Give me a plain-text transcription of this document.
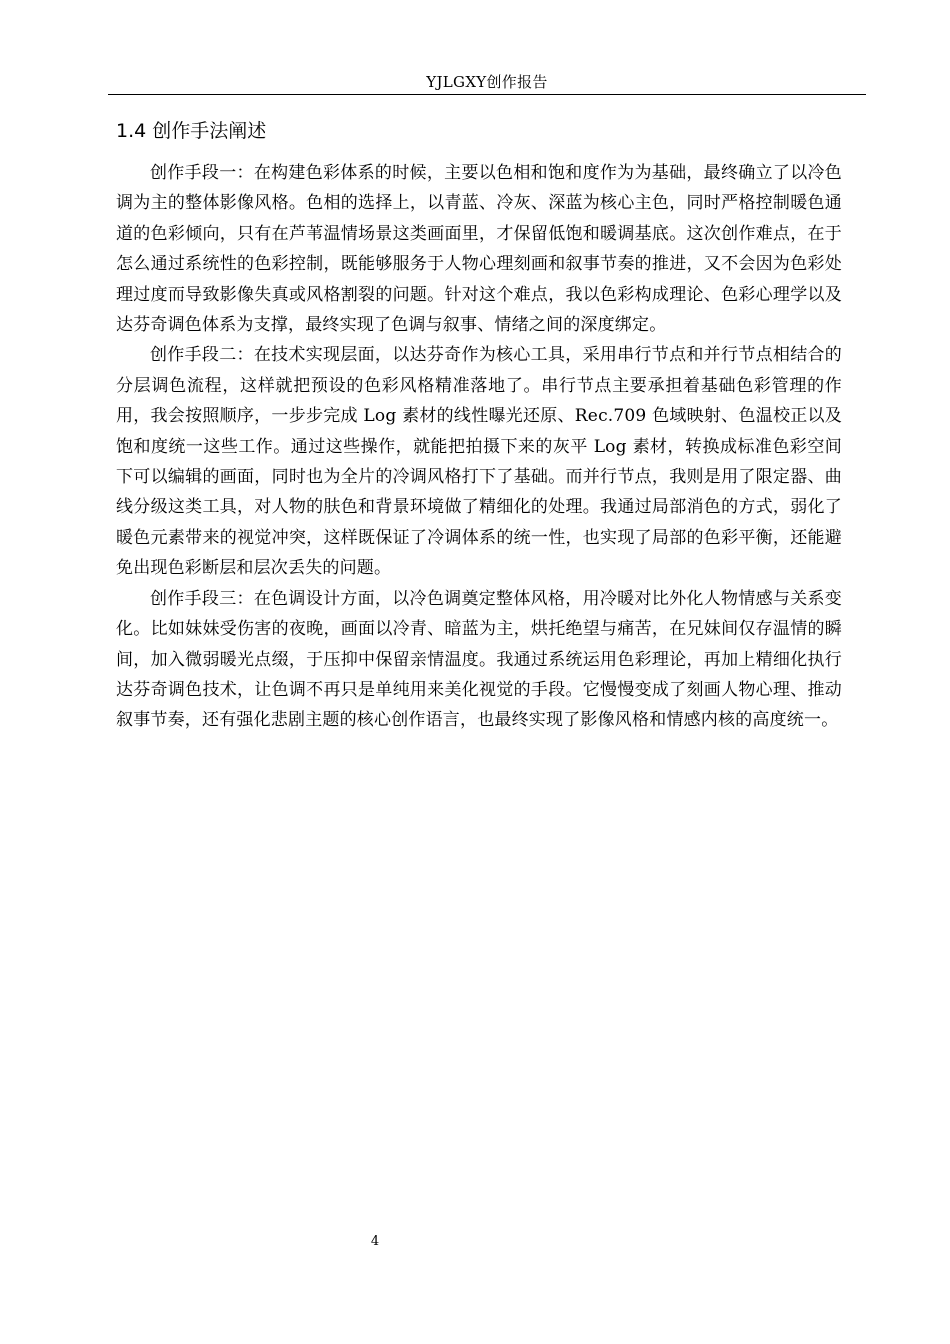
YJLGXY创作报告
1.4 创作手法阐述

创作手段一：在构建色彩体系的时候，主要以色相和饱和度作为为基础，最终确立了以冷色调为主的整体影像风格。色相的选择上，以青蓝、冷灰、深蓝为核心主色，同时严格控制暖色通道的色彩倾向，只有在芦苇温情场景这类画面里，才保留低饱和暖调基底。这次创作难点，在于怎么通过系统性的色彩控制，既能够服务于人物心理刻画和叙事节奏的推进，又不会因为色彩处理过度而导致影像失真或风格割裂的问题。针对这个难点，我以色彩构成理论、色彩心理学以及达芬奇调色体系为支撑，最终实现了色调与叙事、情绪之间的深度绑定。

创作手段二：在技术实现层面，以达芬奇作为核心工具，采用串行节点和并行节点相结合的分层调色流程，这样就把预设的色彩风格精准落地了。串行节点主要承担着基础色彩管理的作用，我会按照顺序，一步步完成 Log 素材的线性曝光还原、Rec.709 色域映射、色温校正以及饱和度统一这些工作。通过这些操作，就能把拍摄下来的灰平 Log 素材，转换成标准色彩空间下可以编辑的画面，同时也为全片的冷调风格打下了基础。而并行节点，我则是用了限定器、曲线分级这类工具，对人物的肤色和背景环境做了精细化的处理。我通过局部消色的方式，弱化了暖色元素带来的视觉冲突，这样既保证了冷调体系的统一性，也实现了局部的色彩平衡，还能避免出现色彩断层和层次丢失的问题。

创作手段三：在色调设计方面，以冷色调奠定整体风格，用冷暖对比外化人物情感与关系变化。比如妹妹受伤害的夜晚，画面以冷青、暗蓝为主，烘托绝望与痛苦，在兄妹间仅存温情的瞬间，加入微弱暖光点缀，于压抑中保留亲情温度。我通过系统运用色彩理论，再加上精细化执行达芬奇调色技术，让色调不再只是单纯用来美化视觉的手段。它慢慢变成了刻画人物心理、推动叙事节奏，还有强化悲剧主题的核心创作语言，也最终实现了影像风格和情感内核的高度统一。

4
